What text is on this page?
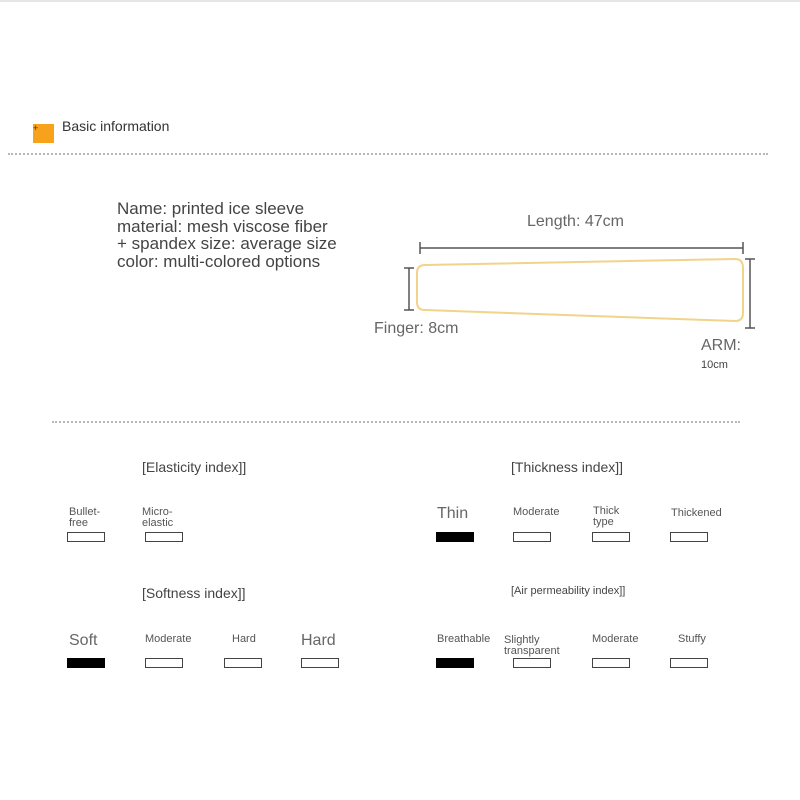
+	Basic information
Name: printed ice sleeve
material: mesh viscose fiber
+ spandex size: average size
color: multi-colored options
Length: 47cm
Finger: 8cm
ARM:
10cm
[Elasticity index]]
Bullet-free
Micro-elastic
[Thickness index]]
Thin	Moderate	Thick type
Thickened
[Softness index]]
Soft	Moderate	Hard	Hard
[Air permeability index]]
Breathable Slightly transparent
Moderate	Stuffy
